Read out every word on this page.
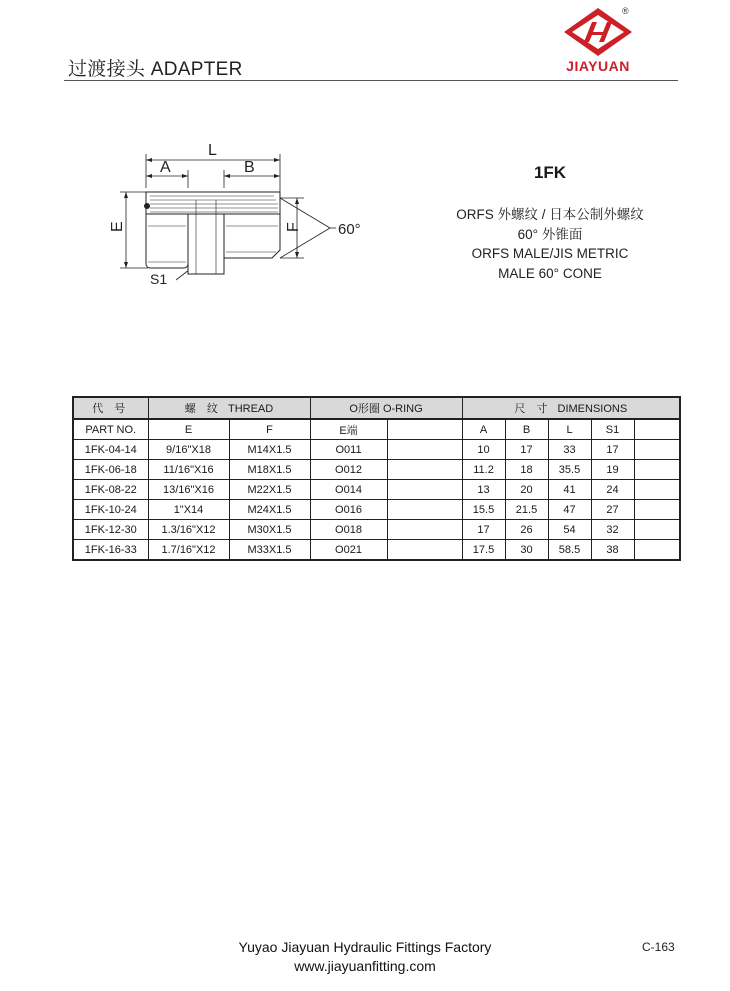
过渡接头 ADAPTER
®
JIAYUAN
L
A	B
E	F
S1
60°
1FK
ORFS 外螺纹 / 日本公制外螺纹
60° 外锥面
ORFS MALE/JIS METRIC
MALE 60° CONE
代 号	螺 纹 THREAD		O形圈 O-RING		尺 寸 DIMENSIONS				
PART NO.	E	F	E端		A	B	L	S1	
1FK-04-14	9/16"X18	M14X1.5	O011		10	17	33	17	
1FK-06-18	11/16"X16	M18X1.5	O012		11.2	18	35.5	19	
1FK-08-22	13/16"X16	M22X1.5	O014		13	20	41	24	
1FK-10-24	1"X14	M24X1.5	O016		15.5	21.5	47	27	
1FK-12-30	1.3/16"X12	M30X1.5	O018		17	26	54	32	
1FK-16-33	1.7/16"X12	M33X1.5	O021		17.5	30	58.5	38	
Yuyao Jiayuan Hydraulic Fittings Factory
www.jiayuanfitting.com
C-163
